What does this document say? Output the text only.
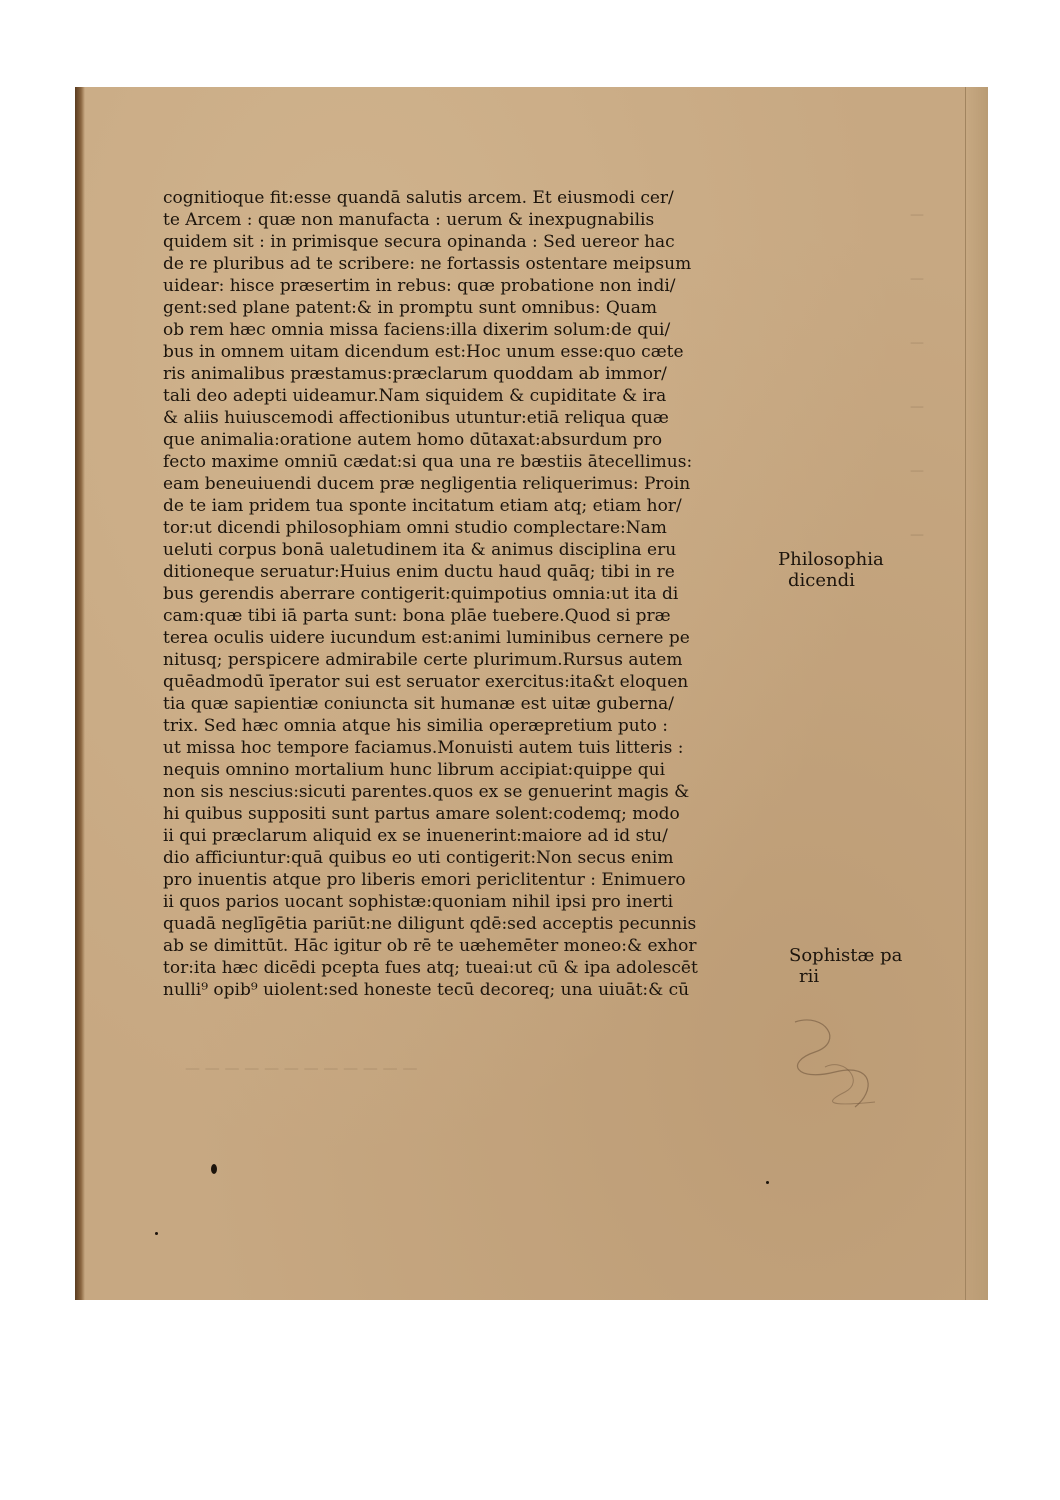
—
—
—
—
—
—
cognitioque fit:esse quandā salutis arcem. Et eiusmodi cer/
te Arcem : quæ non manufacta : uerum & inexpugnabilis
quidem sit : in primisque secura opinanda : Sed uereor hac
de re pluribus ad te scribere: ne fortassis ostentare meipsum
uidear: hisce præsertim in rebus: quæ probatione non indi/
gent:sed plane patent:& in promptu sunt omnibus: Quam
ob rem hæc omnia missa faciens:illa dixerim solum:de qui/
bus in omnem uitam dicendum est:Hoc unum esse:quo cæte
ris animalibus præstamus:præclarum quoddam ab immor/
tali deo adepti uideamur.Nam siquidem & cupiditate & ira
& aliis huiuscemodi affectionibus utuntur:etiā reliqua quæ
que animalia:oratione autem homo dūtaxat:absurdum pro
fecto maxime omniū cædat:si qua una re bæstiis ātecellimus:
eam beneuiuendi ducem præ negligentia reliquerimus: Proin
de te iam pridem tua sponte incitatum etiam atq; etiam hor/
tor:ut dicendi philosophiam omni studio complectare:Nam
ueluti corpus bonā ualetudinem ita & animus disciplina eru
ditioneque seruatur:Huius enim ductu haud quāq; tibi in re
bus gerendis aberrare contigerit:quimpotius omnia:ut ita di
cam:quæ tibi iā parta sunt: bona plāe tuebere.Quod si præ
terea oculis uidere iucundum est:animi luminibus cernere pe
nitusq; perspicere admirabile certe plurimum.Rursus autem
quēadmodū īperator sui est seruator exercitus:ita&t eloquen
tia quæ sapientiæ coniuncta sit humanæ est uitæ guberna/
trix. Sed hæc omnia atque his similia operæpretium puto :
ut missa hoc tempore faciamus.Monuisti autem tuis litteris :
nequis omnino mortalium hunc librum accipiat:quippe qui
non sis nescius:sicuti parentes.quos ex se genuerint magis &
hi quibus suppositi sunt partus amare solent:codemq; modo
ii qui præclarum aliquid ex se inuenerint:maiore ad id stu/
dio afficiuntur:quā quibus eo uti contigerit:Non secus enim
pro inuentis atque pro liberis emori periclitentur : Enimuero
ii quos parios uocant sophistæ:quoniam nihil ipsi pro inerti
quadā neglīgētia pariūt:ne diligunt qdē:sed acceptis pecunnis
ab se dimittūt. Hāc igitur ob rē te uæhemēter moneo:& exhor
tor:ita hæc dicēdi pcepta fues atq; tueai:ut cū & ipa adolescēt
nulli⁹ opib⁹ uiolent:sed honeste tecū decoreq; una uiuāt:& cū
Philosophia
dicendi
Sophistæ pa
rii
— — — — — — — — — — — —
